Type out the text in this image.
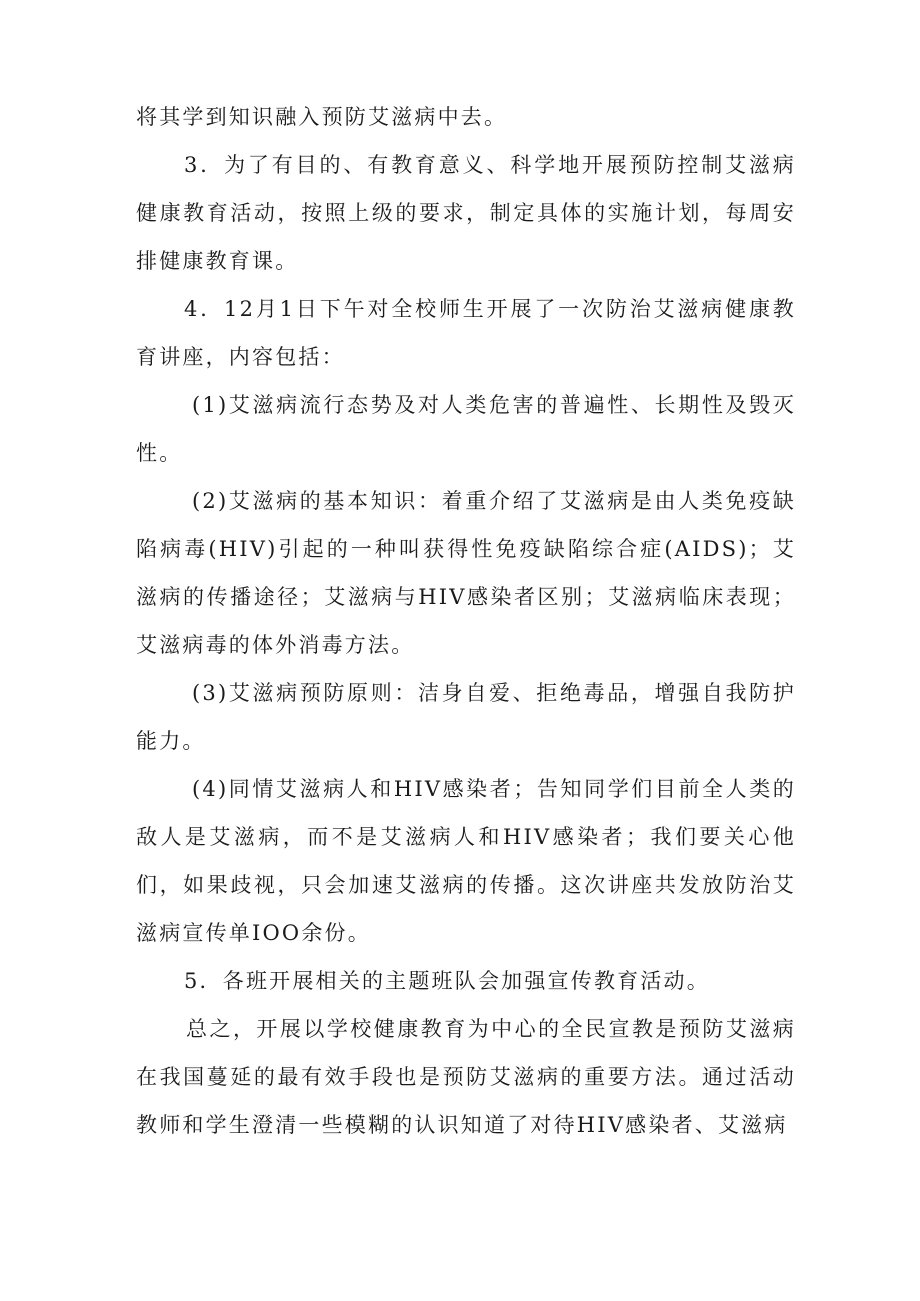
将其学到知识融入预防艾滋病中去。

3．为了有目的、有教育意义、科学地开展预防控制艾滋病健康教育活动，按照上级的要求，制定具体的实施计划，每周安排健康教育课。

4．12月1日下午对全校师生开展了一次防治艾滋病健康教育讲座，内容包括：

(1)艾滋病流行态势及对人类危害的普遍性、长期性及毁灭性。

(2)艾滋病的基本知识：着重介绍了艾滋病是由人类免疫缺陷病毒(HIV)引起的一种叫获得性免疫缺陷综合症(AIDS)；艾滋病的传播途径；艾滋病与HIV感染者区别；艾滋病临床表现；艾滋病毒的体外消毒方法。

(3)艾滋病预防原则：洁身自爱、拒绝毒品，增强自我防护能力。

(4)同情艾滋病人和HIV感染者；告知同学们目前全人类的敌人是艾滋病，而不是艾滋病人和HIV感染者；我们要关心他们，如果歧视，只会加速艾滋病的传播。这次讲座共发放防治艾滋病宣传单IOO余份。

5．各班开展相关的主题班队会加强宣传教育活动。

总之，开展以学校健康教育为中心的全民宣教是预防艾滋病在我国蔓延的最有效手段也是预防艾滋病的重要方法。通过活动教师和学生澄清一些模糊的认识知道了对待HIV感染者、艾滋病
